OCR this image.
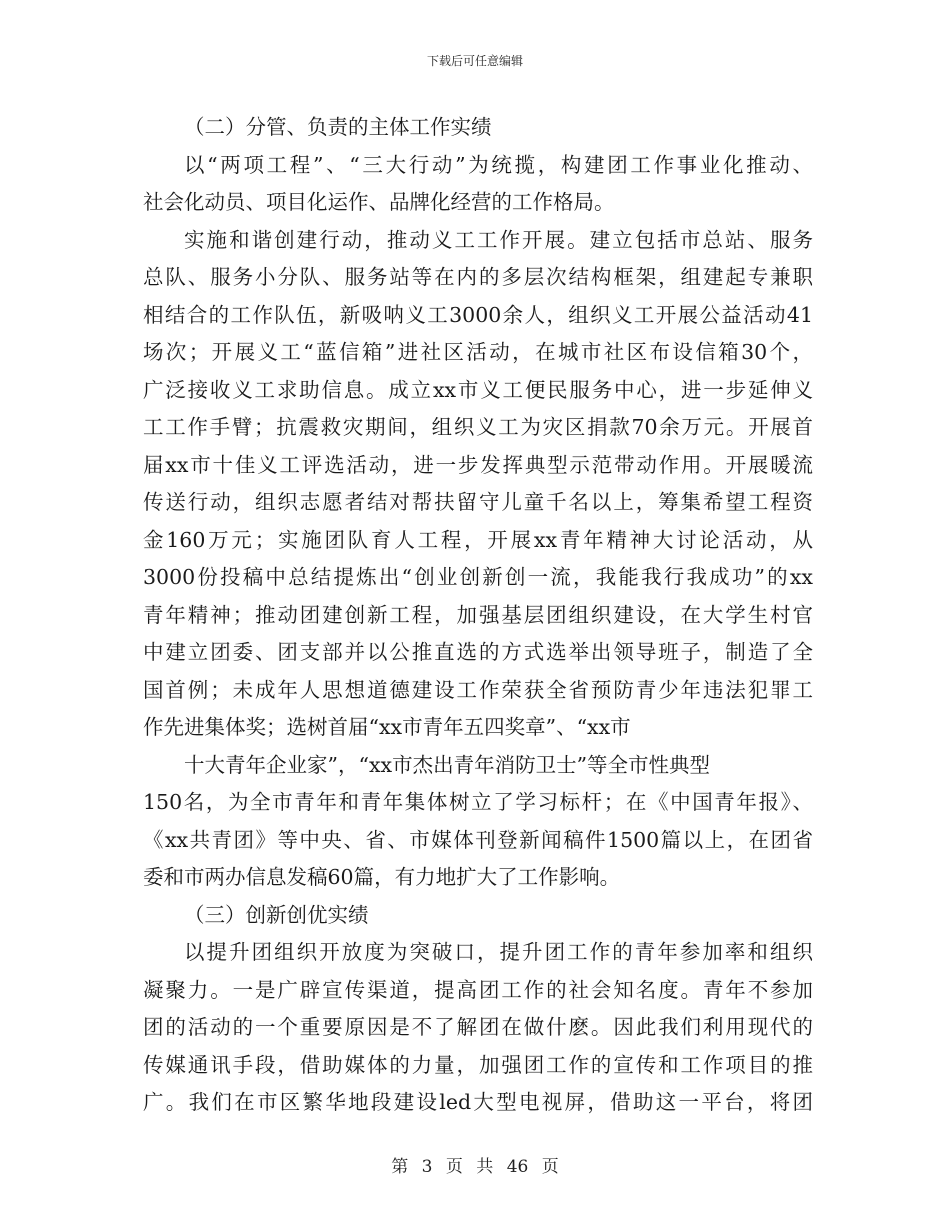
下载后可任意编辑
（二）分管、负责的主体工作实绩
以“两项工程”、“三大行动”为统揽，构建团工作事业化推动、
社会化动员、项目化运作、品牌化经营的工作格局。
实施和谐创建行动，推动义工工作开展。建立包括市总站、服务
总队、服务小分队、服务站等在内的多层次结构框架，组建起专兼职
相结合的工作队伍，新吸呐义工3000余人，组织义工开展公益活动41
场次；开展义工“蓝信箱”进社区活动，在城市社区布设信箱30个，
广泛接收义工求助信息。成立xx市义工便民服务中心，进一步延伸义
工工作手臂；抗震救灾期间，组织义工为灾区捐款70余万元。开展首
届xx市十佳义工评选活动，进一步发挥典型示范带动作用。开展暖流
传送行动，组织志愿者结对帮扶留守儿童千名以上，筹集希望工程资
金160万元；实施团队育人工程，开展xx青年精神大讨论活动，从
3000份投稿中总结提炼出“创业创新创一流，我能我行我成功”的xx
青年精神；推动团建创新工程，加强基层团组织建设，在大学生村官
中建立团委、团支部并以公推直选的方式选举出领导班子，制造了全
国首例；未成年人思想道德建设工作荣获全省预防青少年违法犯罪工
作先进集体奖；选树首届“xx市青年五四奖章”、“xx市
十大青年企业家”，“xx市杰出青年消防卫士”等全市性典型
150名，为全市青年和青年集体树立了学习标杆；在《中国青年报》、
《xx共青团》等中央、省、市媒体刊登新闻稿件1500篇以上，在团省
委和市两办信息发稿60篇，有力地扩大了工作影响。
（三）创新创优实绩
以提升团组织开放度为突破口，提升团工作的青年参加率和组织
凝聚力。一是广辟宣传渠道，提高团工作的社会知名度。青年不参加
团的活动的一个重要原因是不了解团在做什麽。因此我们利用现代的
传媒通讯手段，借助媒体的力量，加强团工作的宣传和工作项目的推
广。我们在市区繁华地段建设led大型电视屏，借助这一平台，将团
第 3 页 共 46 页
